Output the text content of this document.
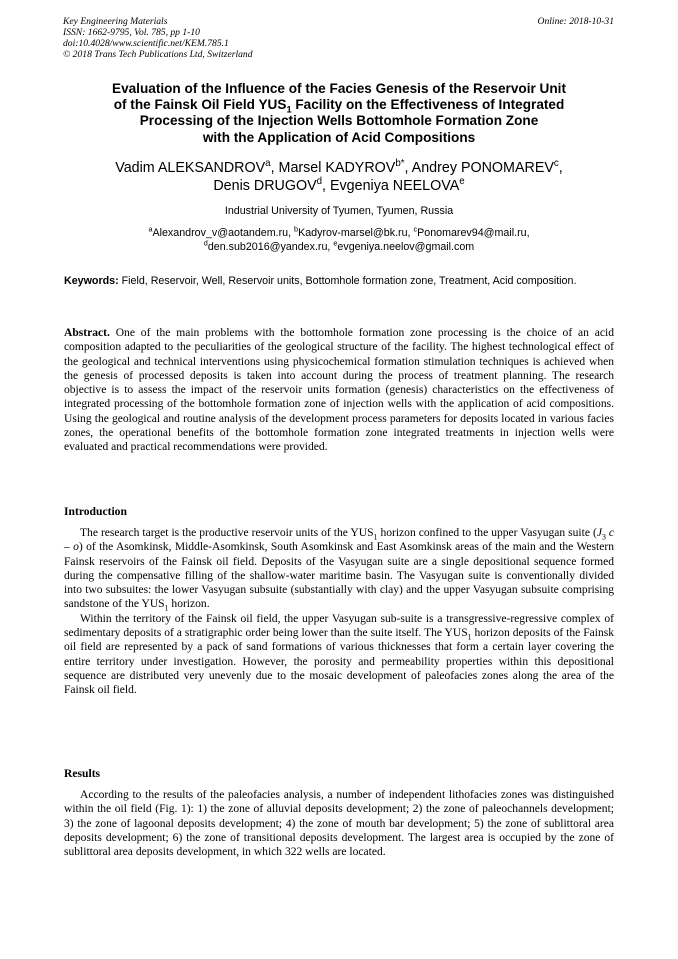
Key Engineering Materials
ISSN: 1662-9795, Vol. 785, pp 1-10
doi:10.4028/www.scientific.net/KEM.785.1
© 2018 Trans Tech Publications Ltd, Switzerland
Online: 2018-10-31
Evaluation of the Influence of the Facies Genesis of the Reservoir Unit
of the Fainsk Oil Field $YUS_1$ Facility on the Effectiveness of Integrated
Processing of the Injection Wells Bottomhole Formation Zone
with the Application of Acid Compositions
Vadim ALEKSANDROV$^a$, Marsel $KADYROV^{b*}$, Andrey PONOMAREV$^c$,
Denis DRUGOV$^d$, Evgeniya NEELOVA$^e$
Industrial University of Tyumen, Tyumen, Russia
$^a$Alexandrov_v@aotandem.ru, $^b$Kadyrov-marsel@bk.ru, $^c$Ponomarev94@mail.ru,
$^d$den.sub2016@yandex.ru, $^e$evgeniya.neelov@gmail.com
Keywords: Field, Reservoir, Well, Reservoir units, Bottomhole formation zone, Treatment, Acid composition.

Abstract. One of the main problems with the bottomhole formation zone processing is the choice of an acid composition adapted to the peculiarities of the geological structure of the facility. The highest technological effect of the geological and technical interventions using physicochemical formation stimulation techniques is achieved when the genesis of processed deposits is taken into account during the process of treatment planning. The research objective is to assess the impact of the reservoir units formation (genesis) characteristics on the effectiveness of integrated processing of the bottomhole formation zone of injection wells with the application of acid compositions. Using the geological and routine analysis of the development process parameters for deposits located in various facies zones, the operational benefits of the bottomhole formation zone integrated treatments in injection wells were evaluated and practical recommendations were provided.

Introduction

The research target is the productive reservoir units of the $YUS_1$ horizon confined to the upper Vasyugan suite ($J_3$ c – o) of the Asomkinsk, Middle-Asomkinsk, South Asomkinsk and East Asomkinsk areas of the main and the Western Fainsk reservoirs of the Fainsk oil field. Deposits of the Vasyugan suite are a single depositional sequence formed during the compensative filling of the shallow-water maritime basin. The Vasyugan suite is conventionally divided into two subsuites: the lower Vasyugan subsuite (substantially with clay) and the upper Vasyugan subsuite comprising sandstone of the $YUS_1$ horizon.

Within the territory of the Fainsk oil field, the upper Vasyugan sub-suite is a transgressive-regressive complex of sedimentary deposits of a stratigraphic order being lower than the suite itself. The $YUS_1$ horizon deposits of the Fainsk oil field are represented by a pack of sand formations of various thicknesses that form a certain layer covering the entire territory under investigation. However, the porosity and permeability properties within this depositional sequence are distributed very unevenly due to the mosaic development of paleofacies zones along the area of the Fainsk oil field.

Results

According to the results of the paleofacies analysis, a number of independent lithofacies zones was distinguished within the oil field (Fig. 1): 1) the zone of alluvial deposits development; 2) the zone of paleochannels development; 3) the zone of lagoonal deposits development; 4) the zone of mouth bar development; 5) the zone of sublittoral area deposits development; 6) the zone of transitional deposits development. The largest area is occupied by the zone of sublittoral area deposits development, in which 322 wells are located.
